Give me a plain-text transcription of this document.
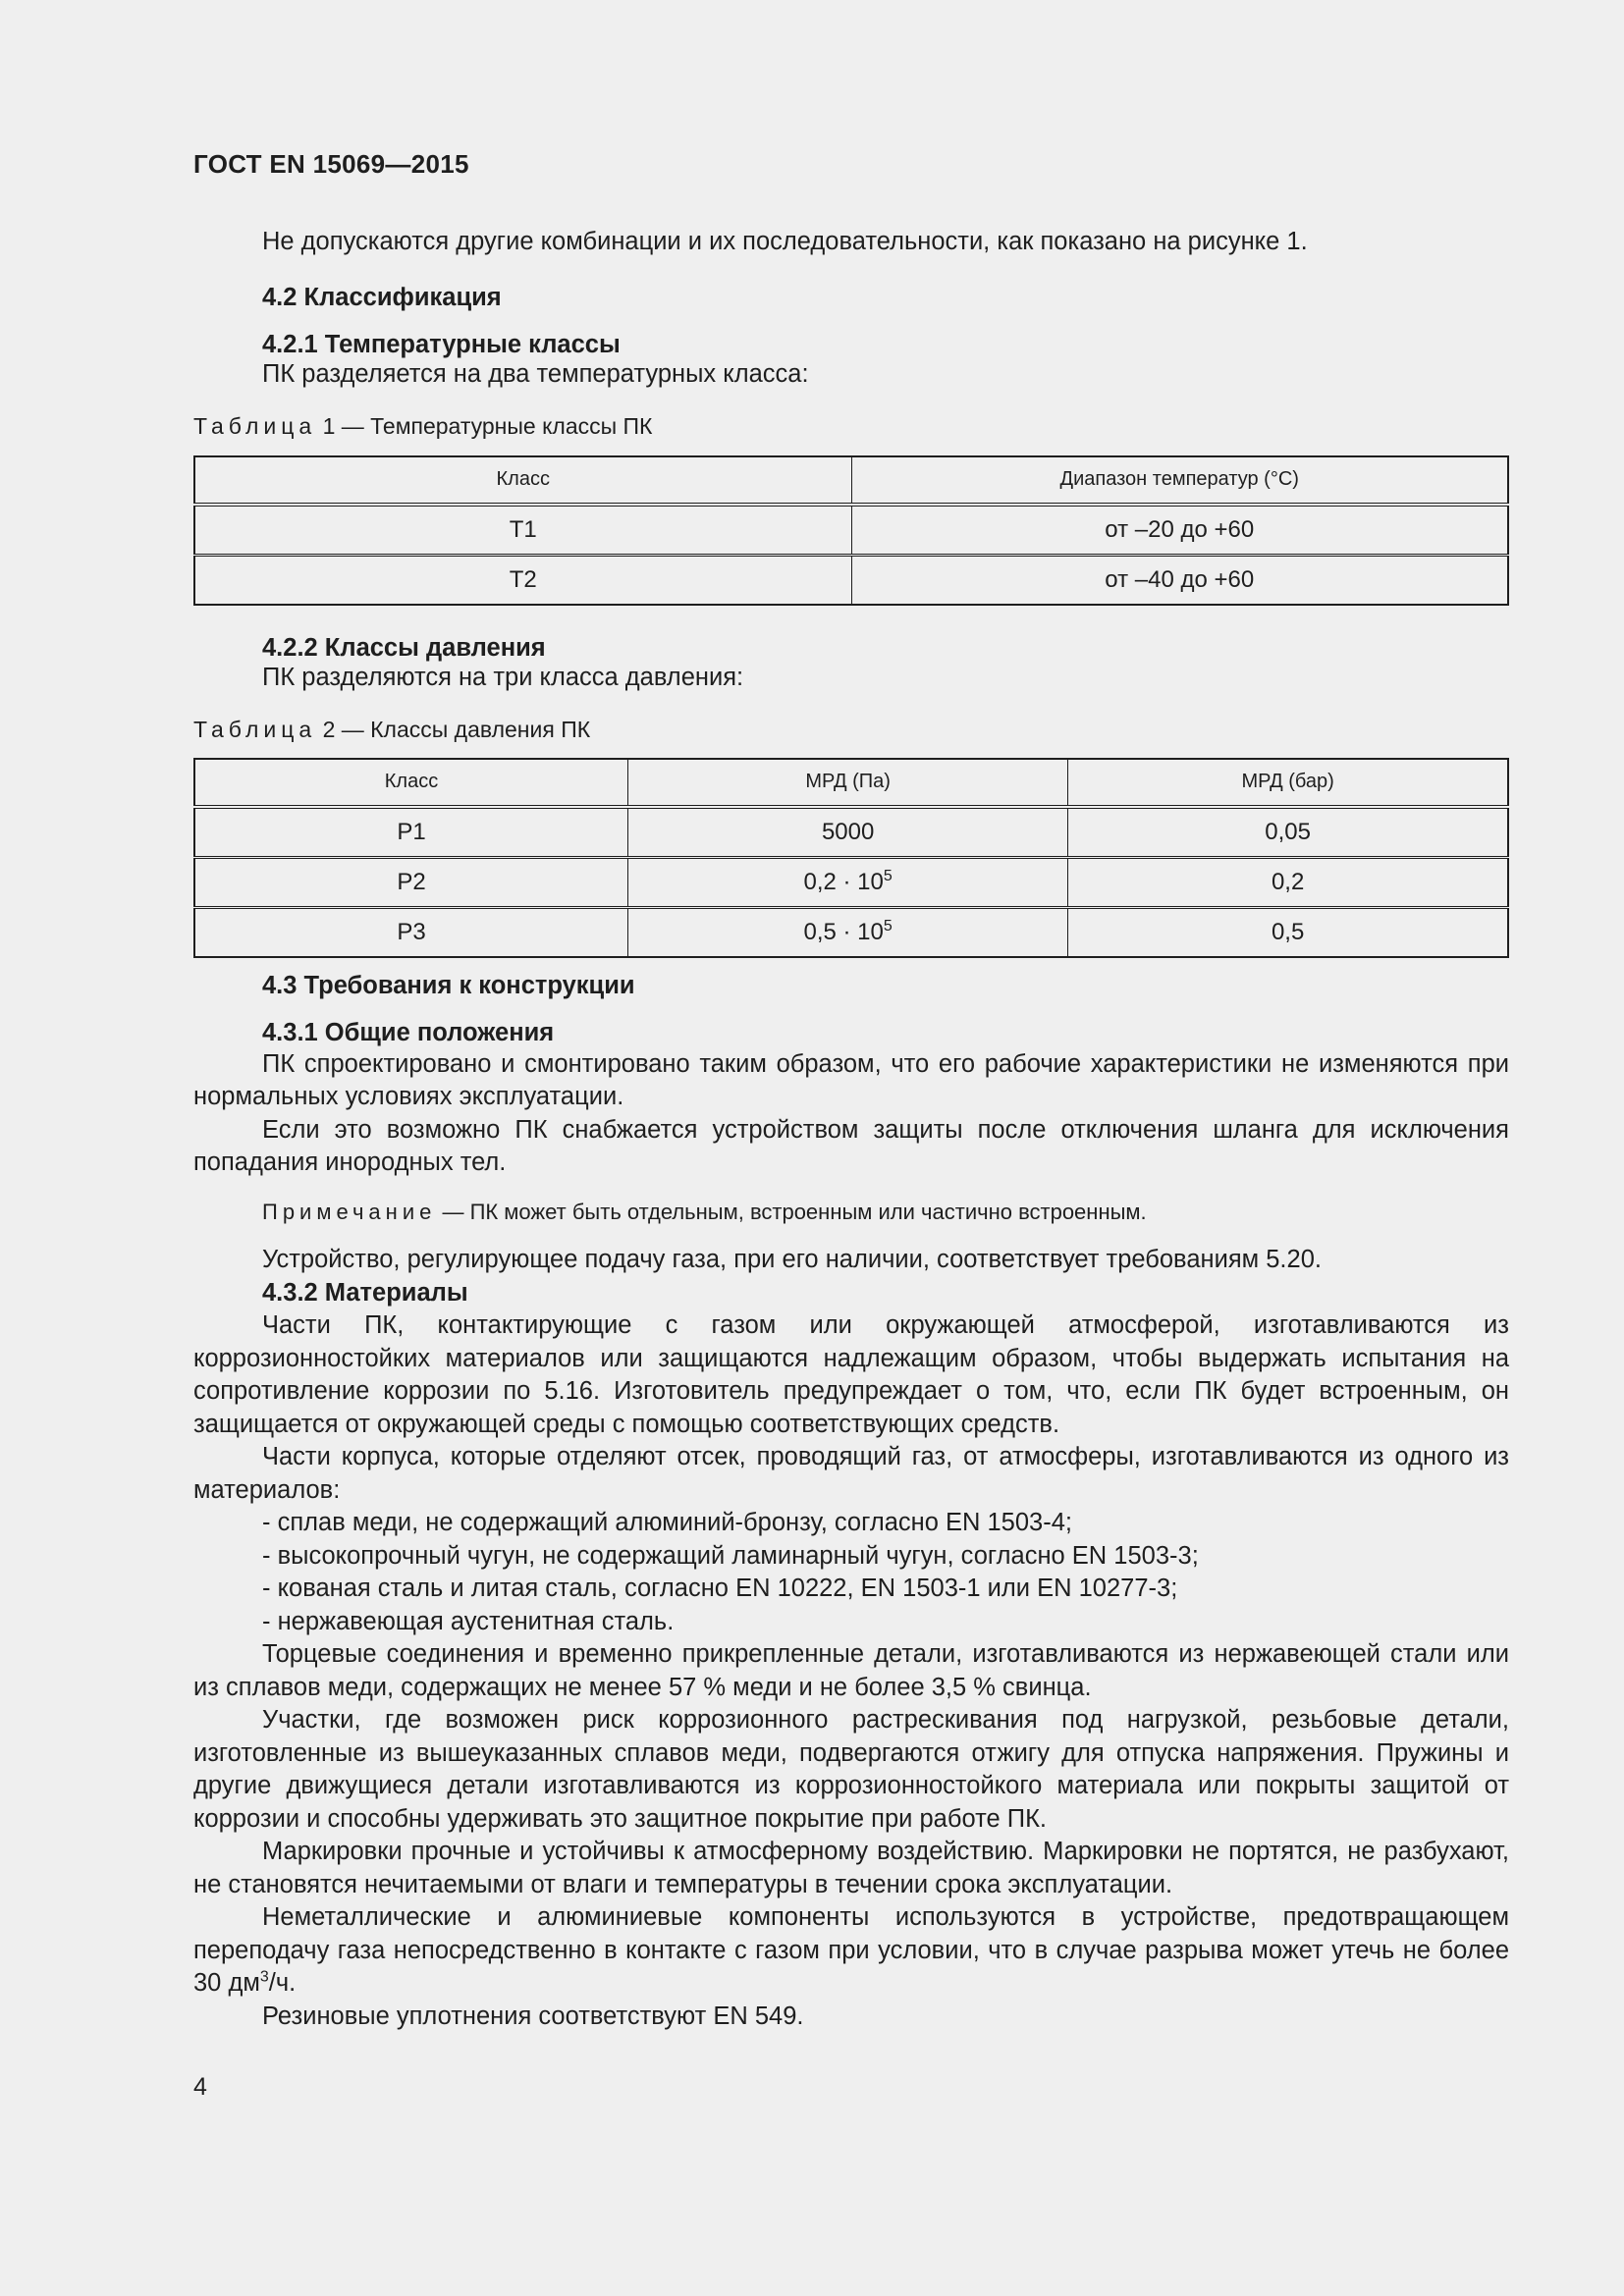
ГОСТ EN 15069—2015

Не допускаются другие комбинации и их последовательности, как показано на рисунке 1.

4.2 Классификация

4.2.1 Температурные классы

ПК разделяется на два температурных класса:

Таблица 1 — Температурные классы ПК
Класс	Диапазон температур (°C)
T1	от –20 до +60
T2	от –40 до +60

4.2.2 Классы давления

ПК разделяются на три класса давления:

Таблица 2 — Классы давления ПК
Класс	МРД (Па)	МРД (бар)
P1	5000	0,05
P2	$0,2 \cdot 10^5$	0,2
P3	$0,5 \cdot 10^5$	0,5

4.3 Требования к конструкции

4.3.1 Общие положения

ПК спроектировано и смонтировано таким образом, что его рабочие характеристики не изменяются при нормальных условиях эксплуатации.

Если это возможно ПК снабжается устройством защиты после отключения шланга для исключения попадания инородных тел.

Примечание — ПК может быть отдельным, встроенным или частично встроенным.

Устройство, регулирующее подачу газа, при его наличии, соответствует требованиям 5.20.

4.3.2 Материалы

Части ПК, контактирующие с газом или окружающей атмосферой, изготавливаются из коррозионностойких материалов или защищаются надлежащим образом, чтобы выдержать испытания на сопротивление коррозии по 5.16. Изготовитель предупреждает о том, что, если ПК будет встроенным, он защищается от окружающей среды с помощью соответствующих средств.

Части корпуса, которые отделяют отсек, проводящий газ, от атмосферы, изготавливаются из одного из материалов:

- сплав меди, не содержащий алюминий-бронзу, согласно EN 1503-4;

- высокопрочный чугун, не содержащий ламинарный чугун, согласно EN 1503-3;

- кованая сталь и литая сталь, согласно EN 10222, EN 1503-1 или EN 10277-3;

- нержавеющая аустенитная сталь.

Торцевые соединения и временно прикрепленные детали, изготавливаются из нержавеющей стали или из сплавов меди, содержащих не менее 57 % меди и не более 3,5 % свинца.

Участки, где возможен риск коррозионного растрескивания под нагрузкой, резьбовые детали, изготовленные из вышеуказанных сплавов меди, подвергаются отжигу для отпуска напряжения. Пружины и другие движущиеся детали изготавливаются из коррозионностойкого материала или покрыты защитой от коррозии и способны удерживать это защитное покрытие при работе ПК.

Маркировки прочные и устойчивы к атмосферному воздействию. Маркировки не портятся, не разбухают, не становятся нечитаемыми от влаги и температуры в течении срока эксплуатации.

Неметаллические и алюминиевые компоненты используются в устройстве, предотвращающем переподачу газа непосредственно в контакте с газом при условии, что в случае разрыва может утечь не более 30 $дм^3/ч$.

Резиновые уплотнения соответствуют EN 549.

4
